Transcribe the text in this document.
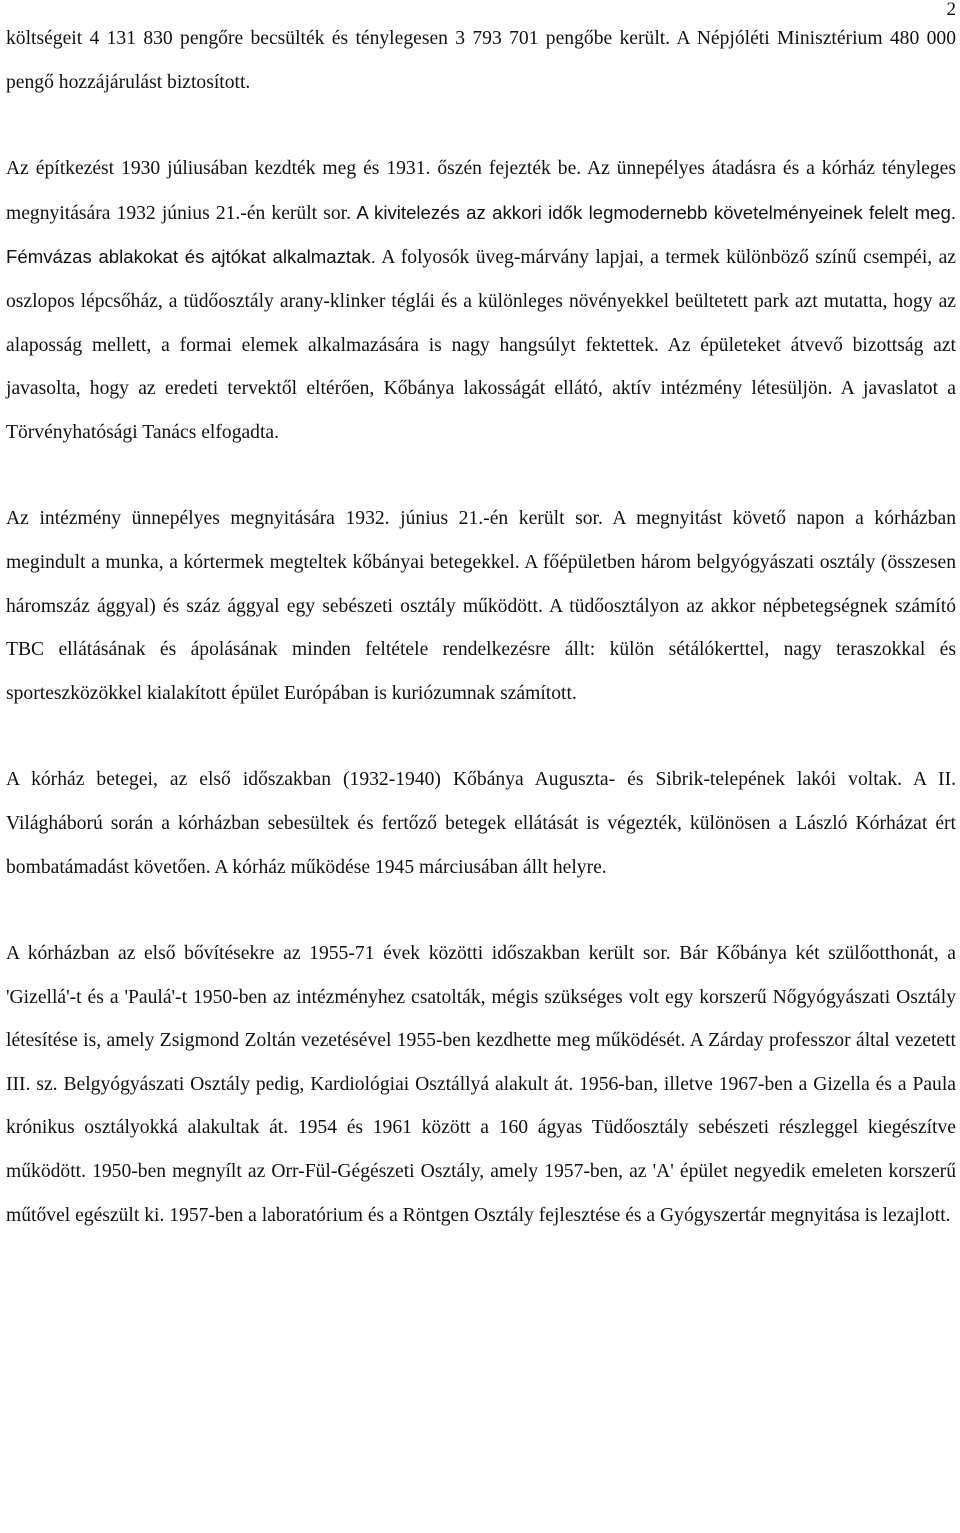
2

költségeit 4 131 830 pengőre becsülték és ténylegesen 3 793 701 pengőbe került. A Népjóléti Minisztérium 480 000 pengő hozzájárulást biztosított.

Az építkezést 1930 júliusában kezdték meg és 1931. őszén fejezték be. Az ünnepélyes átadásra és a kórház tényleges megnyitására 1932 június 21.-én került sor. A kivitelezés az akkori idők legmodernebb követelményeinek felelt meg. Fémvázas ablakokat és ajtókat alkalmaztak. A folyosók üveg-márvány lapjai, a termek különböző színű csempéi, az oszlopos lépcsőház, a tüdőosztály arany-klinker téglái és a különleges növényekkel beültetett park azt mutatta, hogy az alaposság mellett, a formai elemek alkalmazására is nagy hangsúlyt fektettek. Az épületeket átvevő bizottság azt javasolta, hogy az eredeti tervektől eltérően, Kőbánya lakosságát ellátó, aktív intézmény létesüljön. A javaslatot a Törvényhatósági Tanács elfogadta.

Az intézmény ünnepélyes megnyitására 1932. június 21.-én került sor. A megnyitást követő napon a kórházban megindult a munka, a kórtermek megteltek kőbányai betegekkel. A főépületben három belgyógyászati osztály (összesen háromszáz ággyal) és száz ággyal egy sebészeti osztály működött. A tüdőosztályon az akkor népbetegségnek számító TBC ellátásának és ápolásának minden feltétele rendelkezésre állt: külön sétálókerttel, nagy teraszokkal és sporteszközökkel kialakított épület Európában is kuriózumnak számított.

A kórház betegei, az első időszakban (1932-1940) Kőbánya Auguszta- és Sibrik-telepének lakói voltak. A II. Világháború során a kórházban sebesültek és fertőző betegek ellátását is végezték, különösen a László Kórházat ért bombatámadást követően. A kórház működése 1945 márciusában állt helyre.

A kórházban az első bővítésekre az 1955-71 évek közötti időszakban került sor. Bár Kőbánya két szülőotthonát, a 'Gizellá'-t és a 'Paulá'-t 1950-ben az intézményhez csatolták, mégis szükséges volt egy korszerű Nőgyógyászati Osztály létesítése is, amely Zsigmond Zoltán vezetésével 1955-ben kezdhette meg működését. A Zárday professzor által vezetett III. sz. Belgyógyászati Osztály pedig, Kardiológiai Osztállyá alakult át. 1956-ban, illetve 1967-ben a Gizella és a Paula krónikus osztályokká alakultak át. 1954 és 1961 között a 160 ágyas Tüdőosztály sebészeti részleggel kiegészítve működött. 1950-ben megnyílt az Orr-Fül-Gégészeti Osztály, amely 1957-ben, az 'A' épület negyedik emeleten korszerű műtővel egészült ki. 1957-ben a laboratórium és a Röntgen Osztály fejlesztése és a Gyógyszertár megnyitása is lezajlott.
